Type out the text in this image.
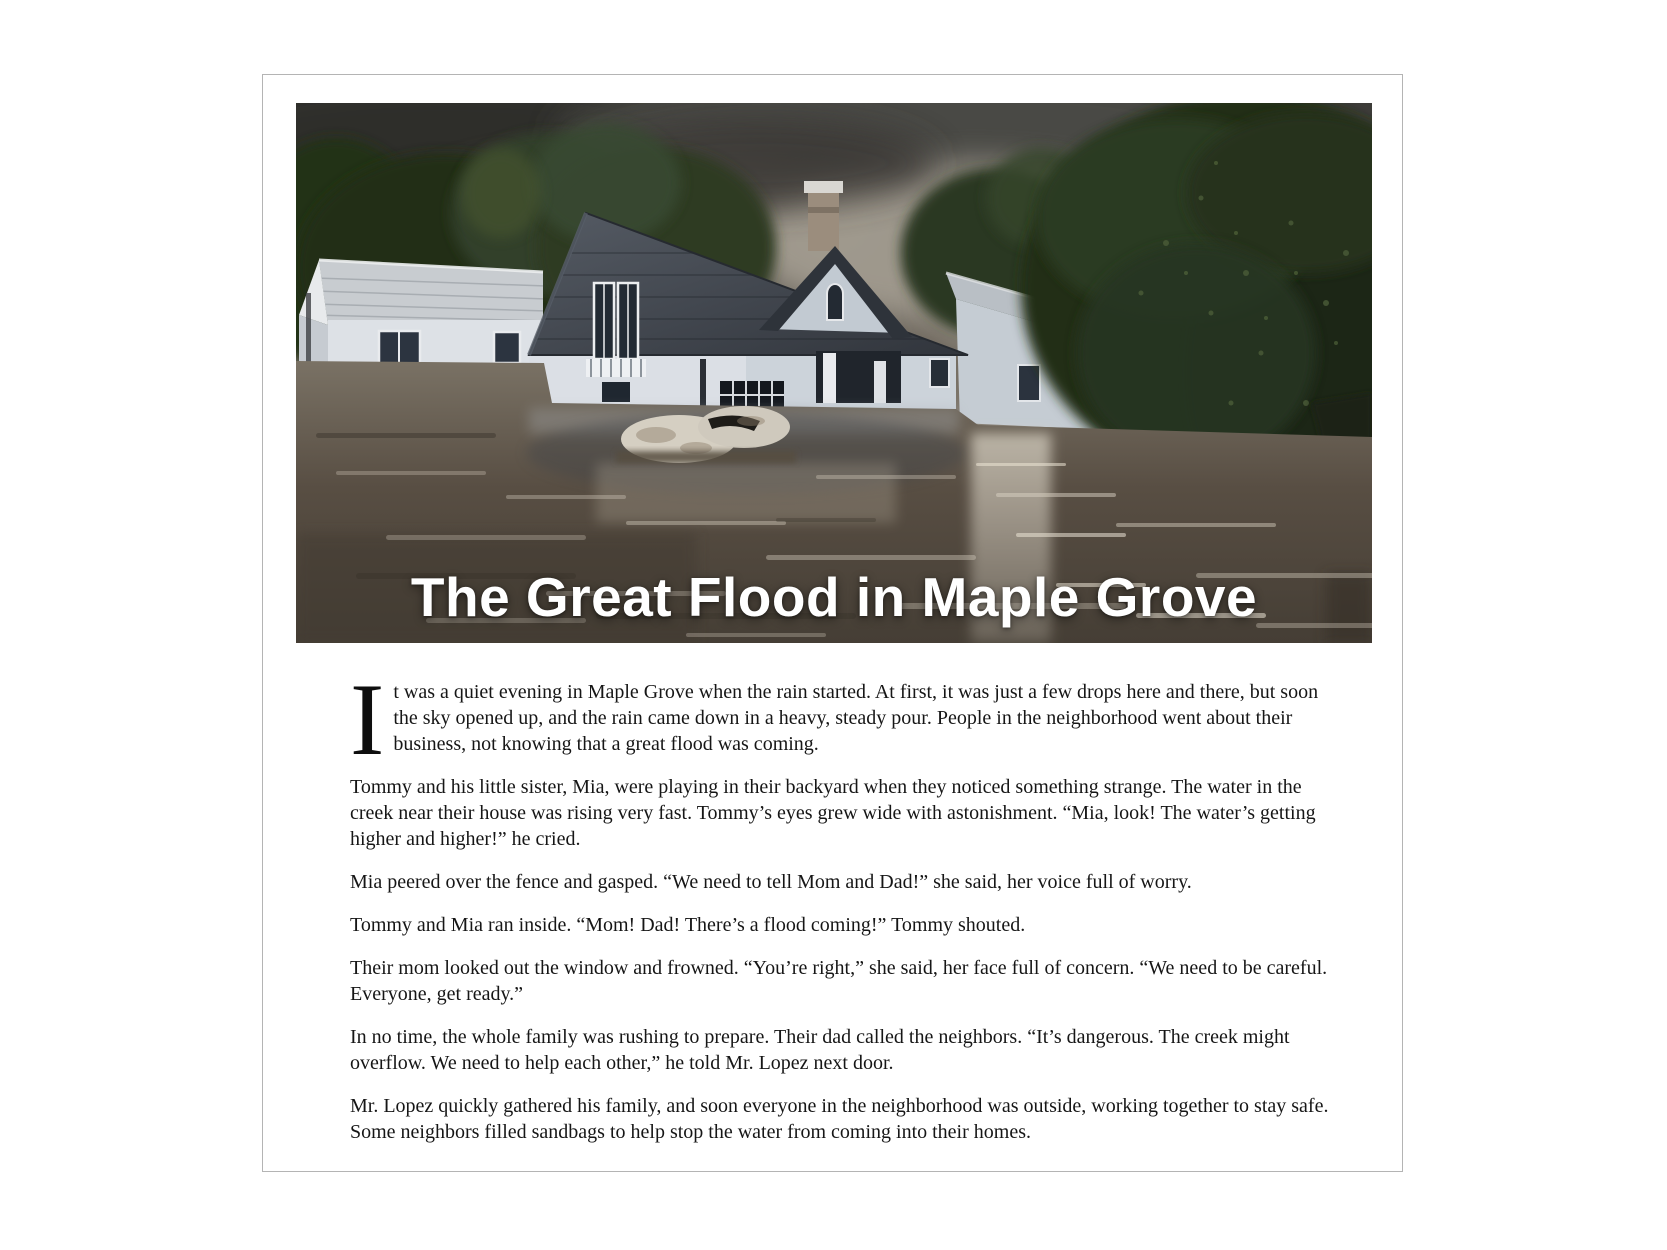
The Great Flood in Maple Grove

It was a quiet evening in Maple Grove when the rain started. At first, it was just a few drops here and there, but soon the sky opened up, and the rain came down in a heavy, steady pour. People in the neighborhood went about their business, not knowing that a great flood was coming.

Tommy and his little sister, Mia, were playing in their backyard when they noticed something strange. The water in the creek near their house was rising very fast. Tommy’s eyes grew wide with astonishment. “Mia, look! The water’s getting higher and higher!” he cried.

Mia peered over the fence and gasped. “We need to tell Mom and Dad!” she said, her voice full of worry.

Tommy and Mia ran inside. “Mom! Dad! There’s a flood coming!” Tommy shouted.

Their mom looked out the window and frowned. “You’re right,” she said, her face full of concern. “We need to be careful. Everyone, get ready.”

In no time, the whole family was rushing to prepare. Their dad called the neighbors. “It’s dangerous. The creek might overflow. We need to help each other,” he told Mr. Lopez next door.

Mr. Lopez quickly gathered his family, and soon everyone in the neighborhood was outside, working together to stay safe. Some neighbors filled sandbags to help stop the water from coming into their homes.
